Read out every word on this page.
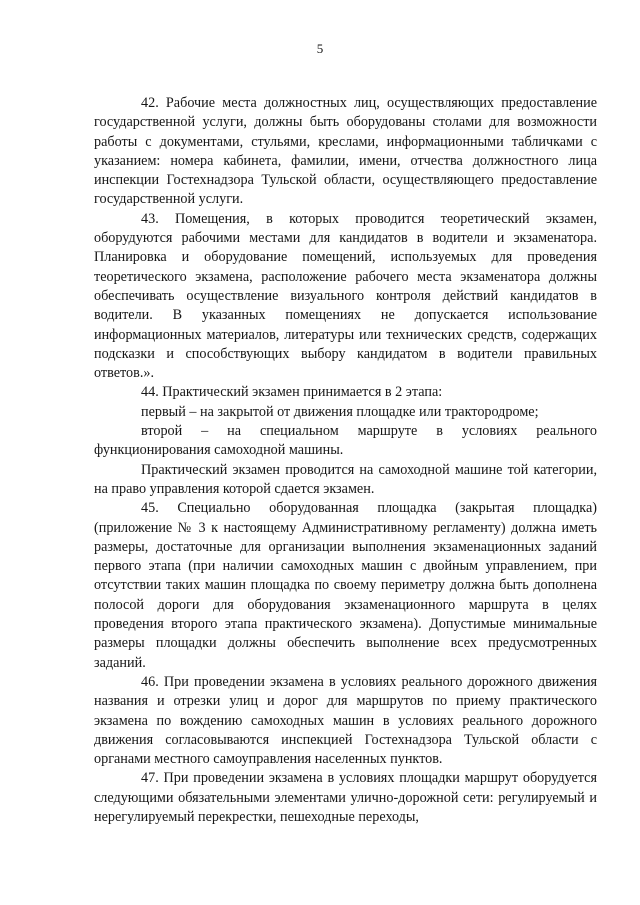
5

42. Рабочие места должностных лиц, осуществляющих предоставление государственной услуги, должны быть оборудованы столами для возможности работы с документами, стульями, креслами, информационными табличками с указанием: номера кабинета, фамилии, имени, отчества должностного лица инспекции Гостехнадзора Тульской области, осуществляющего предоставление государственной услуги.

43. Помещения, в которых проводится теоретический экзамен, оборудуются рабочими местами для кандидатов в водители и экзаменатора. Планировка и оборудование помещений, используемых для проведения теоретического экзамена, расположение рабочего места экзаменатора должны обеспечивать осуществление визуального контроля действий кандидатов в водители. В указанных помещениях не допускается использование информационных материалов, литературы или технических средств, содержащих подсказки и способствующих выбору кандидатом в водители правильных ответов.».

44. Практический экзамен принимается в 2 этапа:

первый – на закрытой от движения площадке или трактородроме;

второй – на специальном маршруте в условиях реального функционирования самоходной машины.

Практический экзамен проводится на самоходной машине той категории, на право управления которой сдается экзамен.

45. Специально оборудованная площадка (закрытая площадка) (приложение № 3 к настоящему Административному регламенту) должна иметь размеры, достаточные для организации выполнения экзаменационных заданий первого этапа (при наличии самоходных машин с двойным управлением, при отсутствии таких машин площадка по своему периметру должна быть дополнена полосой дороги для оборудования экзаменационного маршрута в целях проведения второго этапа практического экзамена). Допустимые минимальные размеры площадки должны обеспечить выполнение всех предусмотренных заданий.

46. При проведении экзамена в условиях реального дорожного движения названия и отрезки улиц и дорог для маршрутов по приему практического экзамена по вождению самоходных машин в условиях реального дорожного движения согласовываются инспекцией Гостехнадзора Тульской области с органами местного самоуправления населенных пунктов.

47. При проведении экзамена в условиях площадки маршрут оборудуется следующими обязательными элементами улично-дорожной сети: регулируемый и нерегулируемый перекрестки, пешеходные переходы,
